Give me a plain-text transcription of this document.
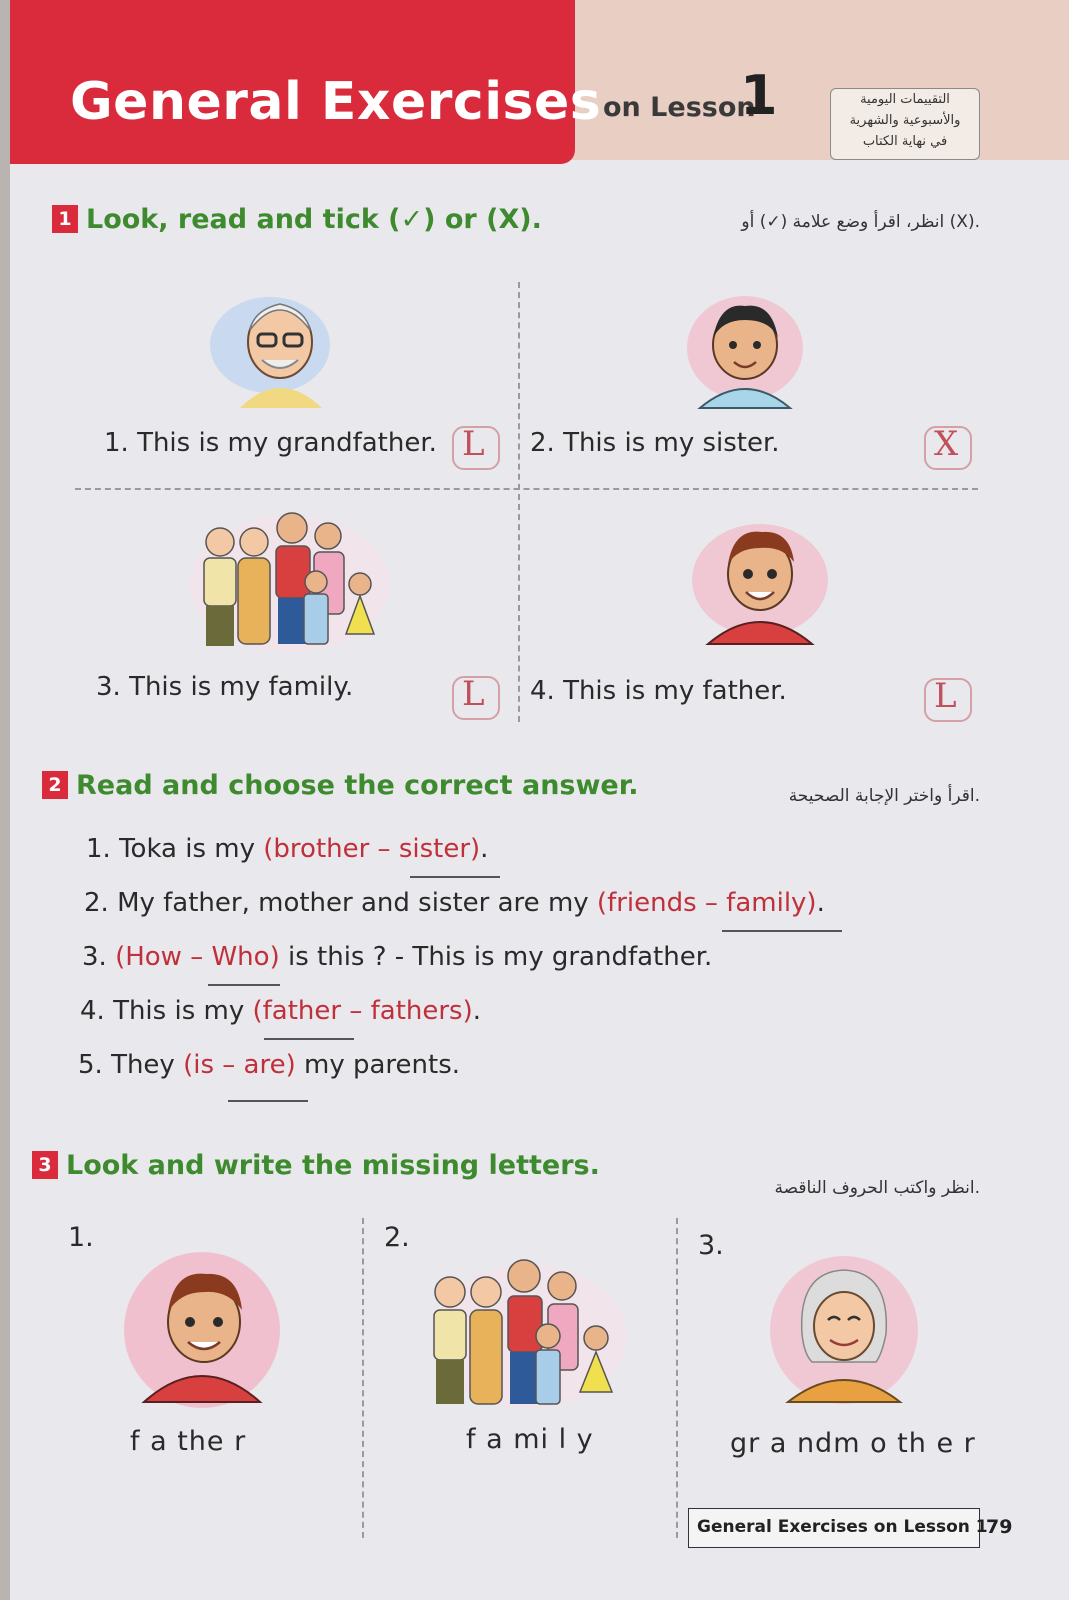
General Exercises on Lesson
1	التقييمات اليومية
والأسبوعية والشهرية
في نهاية الكتاب
1 Look, read and tick (✓) or (X).	.(X) انظر، اقرأ وضع علامة (✓) أو
1. This is my grandfather. L 2. This is my sister.	X
3. This is my family.	L 4. This is my father.	L
2 Read and choose the correct answer.	.اقرأ واختر الإجابة الصحيحة
1. Toka is my (brother – sister).
2. My father, mother and sister are my (friends – family).
3. (How – Who) is this ? - This is my grandfather.
4. This is my (father – fathers).
5. They (is – are) my parents.
3 Look and write the missing letters.
.انظر واكتب الحروف الناقصة
1.	2.	3.
f a the r	f a mi l y	gr a ndm o th e r
General Exercises on Lesson 1
79
